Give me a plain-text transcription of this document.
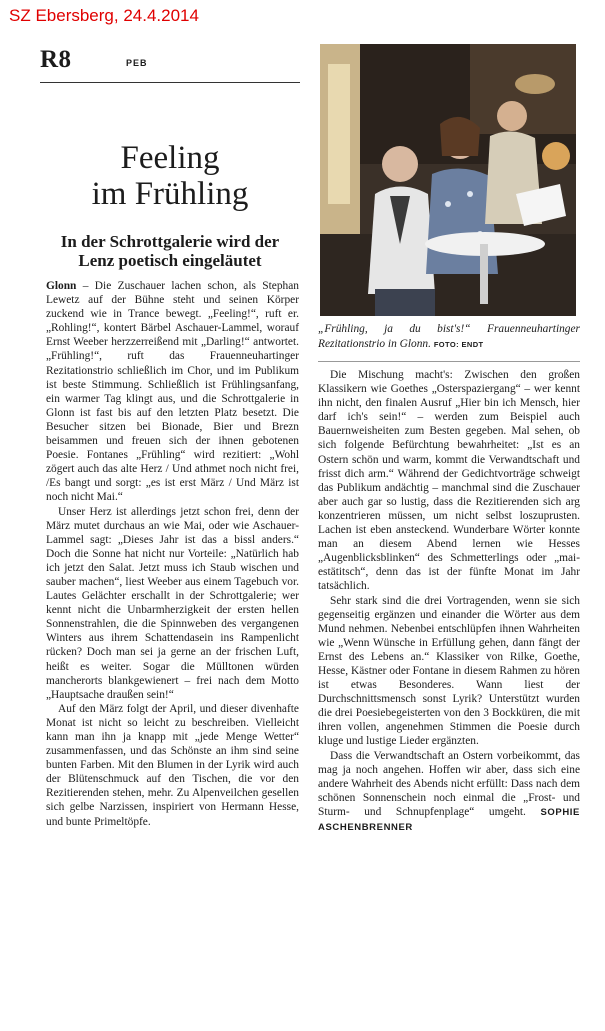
SZ Ebersberg, 24.4.2014
R8	PEB
Feeling
im Frühling
In der Schrottgalerie wird der
Lenz poetisch eingeläutet

„Frühling, ja du bist's!“ Frauenneuhartinger Rezitationstrio in Glonn. FOTO: ENDT

Glonn – Die Zuschauer lachen schon, als Stephan Lewetz auf der Bühne steht und seinen Körper zuckend wie in Trance bewegt. „Feeling!“, ruft er. „Rohling!“, kontert Bärbel Aschauer-Lammel, worauf Ernst Weeber herzzerreißend mit „Darling!“ antwortet. „Frühling!“, ruft das Frauenneuhartinger Rezitationstrio schließlich im Chor, und im Publikum ist beste Stimmung. Schließlich ist Frühlingsanfang, ein warmer Tag klingt aus, und die Schrottgalerie in Glonn ist fast bis auf den letzten Platz besetzt. Die Besucher sitzen bei Bionade, Bier und Brezn beisammen und freuen sich der ihnen gebotenen Poesie. Fontanes „Frühling“ wird rezitiert: „Wohl zögert auch das alte Herz / Und athmet noch nicht frei, /Es bangt und sorgt: „es ist erst März / Und März ist noch nicht Mai.“

Unser Herz ist allerdings jetzt schon frei, denn der März mutet durchaus an wie Mai, oder wie Aschauer-Lammel sagt: „Dieses Jahr ist das a bissl anders.“ Doch die Sonne hat nicht nur Vorteile: „Natürlich hab ich jetzt den Salat. Jetzt muss ich Staub wischen und sauber machen“, liest Weeber aus einem Tagebuch vor. Lautes Gelächter erschallt in der Schrottgalerie; wer kennt nicht die Unbarmherzigkeit der ersten hellen Sonnenstrahlen, die die Spinnweben des vergangenen Winters aus ihrem Schattendasein ins Rampenlicht rücken? Doch man sei ja gerne an der frischen Luft, heißt es weiter. Sogar die Mülltonen würden mancherorts blankgewienert – frei nach dem Motto „Hauptsache draußen sein!“

Auf den März folgt der April, und dieser divenhafte Monat ist nicht so leicht zu beschreiben. Vielleicht kann man ihn ja knapp mit „jede Menge Wetter“ zusammenfassen, und das Schönste an ihm sind seine bunten Farben. Mit den Blumen in der Lyrik wird auch der Blütenschmuck auf den Tischen, die vor den Rezitierenden stehen, mehr. Zu Alpenveilchen gesellen sich gelbe Narzissen, inspiriert von Hermann Hesse, und bunte Primeltöpfe.

Die Mischung macht's: Zwischen den großen Klassikern wie Goethes „Osterspaziergang“ – wer kennt ihn nicht, den finalen Ausruf „Hier bin ich Mensch, hier darf ich's sein!“ – werden zum Beispiel auch Bauernweisheiten zum Besten gegeben. Mal sehen, ob sich folgende Befürchtung bewahrheitet: „Ist es an Ostern schön und warm, kommt die Verwandtschaft und frisst dich arm.“ Während der Gedichtvorträge schweigt das Publikum andächtig – manchmal sind die Zuschauer aber auch gar so lustig, dass die Rezitierenden sich arg konzentrieren müssen, um nicht selbst loszuprusten. Lachen ist eben ansteckend. Wunderbare Wörter konnte man an diesem Abend lernen wie Hesses „Augenblicksblinken“ des Schmetterlings oder „mai-estätitsch“, denn das ist der fünfte Monat im Jahr tatsächlich.

Sehr stark sind die drei Vortragenden, wenn sie sich gegenseitig ergänzen und einander die Wörter aus dem Mund nehmen. Nebenbei entschlüpfen ihnen Wahrheiten wie „Wenn Wünsche in Erfüllung gehen, dann fängt der Ernst des Lebens an.“ Klassiker von Rilke, Goethe, Hesse, Kästner oder Fontane in diesem Rahmen zu hören ist etwas Besonderes. Wann liest der Durchschnittsmensch sonst Lyrik? Unterstützt wurden die drei Poesiebegeisterten von den 3 Bockküren, die mit ihren vollen, angenehmen Stimmen die Poesie durch kluge und lustige Lieder ergänzten.

Dass die Verwandtschaft an Ostern vorbeikommt, das mag ja noch angehen. Hoffen wir aber, dass sich eine andere Wahrheit des Abends nicht erfüllt: Dass nach dem schönen Sonnenschein noch einmal die „Frost- und Sturm- und Schnupfenplage“ umgeht. SOPHIE ASCHENBRENNER
